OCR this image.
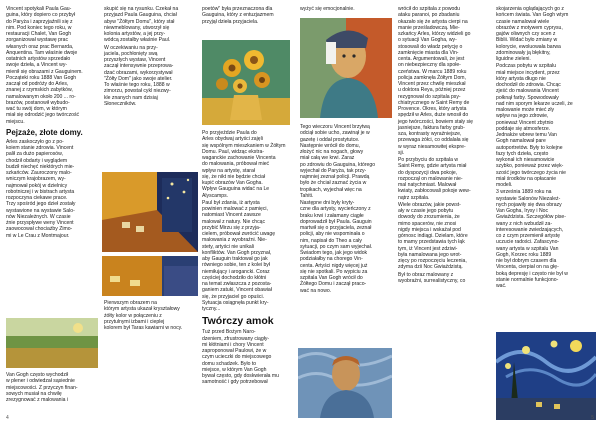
Vincent spotykali Paula Gau-
guina, który dopiero co przybył
do Paryża i zaprzyjaźnili się z
nim. Pod koniec tego roku, w
restauracji Chalet, Van Gogh
zorganizował wystawę prac
własnych oraz prac Bernarda,
Anquentina. Tam właśnie dwoje
ostatnich artystów sprzedało
swoje dzieła, a Vincent wy-
mienił się obrazami z Gauguinem.
Począteki roku 1888 Van Gogh
zaczął od podróży do Arles,
znanej z rzymskich zabytków,
namalowanym około 200 ... ro-
brazów, postanowił wybudo-
wać tu swój dom, w którym
miał się odrodzić jego twórczość
miejscu.

Pejzaże, złote domy.

Arles zaskoczyło go z po-
koiem stanie zdrowia. Vincent
palił za dużo papierosów,
chodził obdarty i wyglądem
budził niechęć niektórych mie-
szkańców. Zauroczony malo-
wniczym krajobrazem, wy-
najmował pokój w dzielnicy
robotniczej i w bistrach artysta
rozpoczyna ciekawe prace.
Trzy spośród jego dzieł zostały
wystawione na wystawie Salo-
nów Niezależnych. W czasie
żnie przyspływe weny Vincent
zaowocował chociażby Zimo-
mi w Le Crau z Montmajour.

Van Gogh często wychodził
w plener i odwiedzał sąsiednie
miejscowości. Z przyczyn finan-
sowych musiał na chwilę
zrezygnować z malowania i

skupić się na rysunku. Czekał na
przyjazd Paula Gauguina, chciał
abyw "Żółtym Domu", który stał
niewmeblowany, utworzył się
kolonia artystów, a jej przy-
wódcą zostałby właśnie Paul.

W oczekiwaniu na przy-
jaciela, pochłonięty swą
przyszłych wystaw, Vincent
zaczął intensywnie przeprowa-
dzać obrazami, wykorzystywał
"Żółty Dom" jako swoje atelier.
To właśnie tego roku, 1888 w
zimorzu, powstał cykl niezwy-
kle znanych nam dzisiaj
Słoneczników.

Pierwszym obrazem na
którym artysta ukazał kryształowy
żółty kolor w połączeniu z
przytulnymi izbami i cieplej
kolorem był Taras kawiarni w nocy.

poetów" była przeznaczona dla
Gauguina, który z entuzjazmem
przyjął dzieła przyjaciela.

Po przyjeździe Paula do
Arles obydwaj artyści zajęli
się wspólnym mieszkaniem w Żółtym
Domu. Paul, widząc ekstra-
waganckie zachowanie Vincenta
do malowania, próbował mieć
wpływ na artystę, starał
się, że nikt nie będzie chciał
kupić obrazów Van Gogha.
Wpływ Gauguina widać na Le
Alyscamps.

Paul był zdania, iż artysta
powinien malować z pamięci,
natomiast Vincent zawsze
malował z natury. Nie chcąc
przybić Mirzu się z przyja-
cielem, próbował zwrócić uwagę
malowania z wyobraźni. Nie-
stety, artyści nie unikali
konfliktów. Van Gogh przyznał,
aby Gauguin traktował go jak
równiego sobie, ten z kolei był
niemiłujący i arogancki. Coraz
częściej dochodziło do kłótni
na temat zwłaszcza z pozosta-
ganiem zatuki, Vincent obawiał
się, że przyjaciel go opuści.
Sytuacja osiągnęła punkt kry-
tyczny...

Twórczy amok

Tuż przed Bożym Naro-
dzeniem, zfrustrowany ciągły-
mi kłótniami i chory Vincent
zaproponował Paulowi, że w
czym ucieczki do miejscowego
domu schadzek. Było to
miejsce, w którym Van Gogh
bywał często, gdy doskwierała mu
samotność i gdy potrzebował

wyżyć się emocjonalnie.

Tego wieczoru Vincent brzytwą
odciął sobie ucho, zawinął je w
gazetę i oddał prostytutce.
Następnie wrócił do domu,
złożyć nic na nogach, głowy
miał całą we krwi. Zaraz
po zdrowiu do Gauguina, którego
wyjechał do Paryża, tak przy-
najmniej zeznał policji. Prawdą
było że chciał zaznać życia w
tropikach, wyjechał więc na
Tahiti.

Następne dni były kryty-
czne dla artysty, wycieńczony z
braku krwi i załamany ciągłe
doprowadził był Paula. Gauguin
martwił się o przyjaciela, zeznał
policji, aby nie wspominała o
nim, napisał do Theo a cały
sytuacji, po czym sam wyjechał.
Świadom tego, jak jego widok
podziałałby na chorego Vin-
centa. Artyści nigdy więcej już
się nie spotkali. Po wypiciu za
szpitala Van Gogh wrócił do
Żółtego Domu i zaczął praco-
wać na nowo.

wrócił do szpitala z powodu
ataku paranoi, po zbadaniu
okazało się że artysta cierpi na
manie prześladowczą. Mie-
szkańcy Arles, którzy widzieli go
o sytuacji Van Gogha, wy-
stosowali do władz petycję o
zamknięcie miasta dla Vin-
centa. Argumentowali, że jest
on niebezpieczny dla społe-
czeństwa. W marcu 1889 roku
policja zamknęła Żółtym Dom,
Vincent przez chwilę mieszkał
u doktora Reya, później przez
rezygnował do szpitala psy-
chiatrycznego w Saint Remy de
Provence. Okres, który artysta
spędził w Arles, duże wnosił do
jego twórczości, bowiem stały się
jasniejsze, faktura farby grub-
sza, kontrasty wyraźniejsze,
przewaga żółci, co oddalała się
w wyraz niesamowitej ekspre-
sji.

Po przybyciu do szpitala w
Saint Remy, gdzie artysta miał
do dyspozycji dwa pokoje,
rozpoczął on malowanie nie-
mal natychmiast. Malował
kwiaty, zabłocowali pokoje wew-
nątrz szpitala.

Wiele obrazów, jakie powst-
ały w czasie jego pobytu
dowody do zrozumienia, że
mimo spacerów, nie znosi
nigdy miejsca i wskaźał pod
górnosc indiągi. Dzielam, które
to mamy przedstawia tych łąk
tym, iż Vincent jest zdziwi-
była namalowana jego wrot-
zięcy po rozpoczęciu leczenia,
zdyma dzii Noc Gwiaździstą.

Był to obraz malowany z
wyobraźni, surrealistyczny, co

skojarzenia oglądających go z
końcem świata. Van Gogh wtym
czasie namalował wiele
obrazów z motywem cyprysu,
gajów oliwnych czy scen z
Biblii. Widać było zmiany w
kolorycie, ewoluowała barwa
zdominowały ją błękitny,
liguidne zieleni.

Podczas pobytu w szpitalu
miał miejsce incydent, przez
który artysta długo nie
dochodził do zdrowia. Chcąc
zjeść do malowania Vincent
połknął farby. Spowodowały
nad nim sporym lekarze uczeli, że
malowanie może mieć zły
wpływ na jego zdrowie,
ponieważ Vincent zbytnio
poddaje się atmosferze.
Jednakże wbrew temu Van
Gogh namalował pare
autoportretów. Były to kolejne
fazy tych dzieła, często
wykonał ich niesamowicie
szybko, ponieważ przez więk-
szość jego twórczego życia nie
miał środków na opłacanie
modeli.

3 września 1889 roku na
wystawie Salonów Niezależ-
nych pojawiły się dwa obrazy
Van Gogha, Irysy i Noc
Gwiaździsta. Szczegółów pise-
wany z nich wzbudził za-
interesowanie zwiedzających,
co z czym przemienił artystę
uczucie radości. Zafascyno-
wany artysta w szpitalu Van
Gogh, Korzec roku 1889
nie był dobrym czasem dla
Vincenta, cierpiał on na głę-
boką depresję i często nie był w
stanie normalnie funkcjono-
wać.

4	5
